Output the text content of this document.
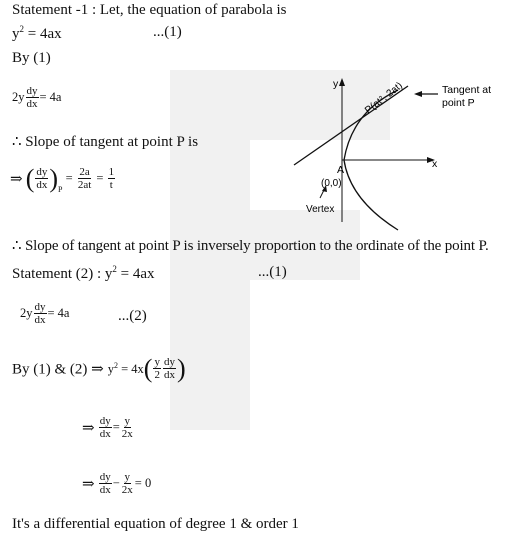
Statement -1 : Let, the equation of parabola is
$y^2 = 4ax$	...(1)
By (1)
$2y \frac{dy}{dx} = 4a$
∴ Slope of tangent at point P is
⇒ ( $\frac{dy}{dx} )_P = \frac{2a}{2at} = \frac{1}{t}$
y
x
A
(0,0)
Vertex
P(at², 2at)	Tangent at
point P
∴ Slope of tangent at point P is inversely proportion to the ordinate of the point P.
Statement (2) : $y^2 = 4ax$	...(1)
$2y \frac{dy}{dx} = 4a$	...(2)
By (1) & (2) ⇒ $y^2 = 4x( \frac{y}{2} \frac{dy}{dx}$ )
⇒ $\frac{dy}{dx} = \frac{y}{2x}$
⇒ $\frac{dy}{dx} - \frac{y}{2x} = 0$
It's a differential equation of degree 1 & order 1
